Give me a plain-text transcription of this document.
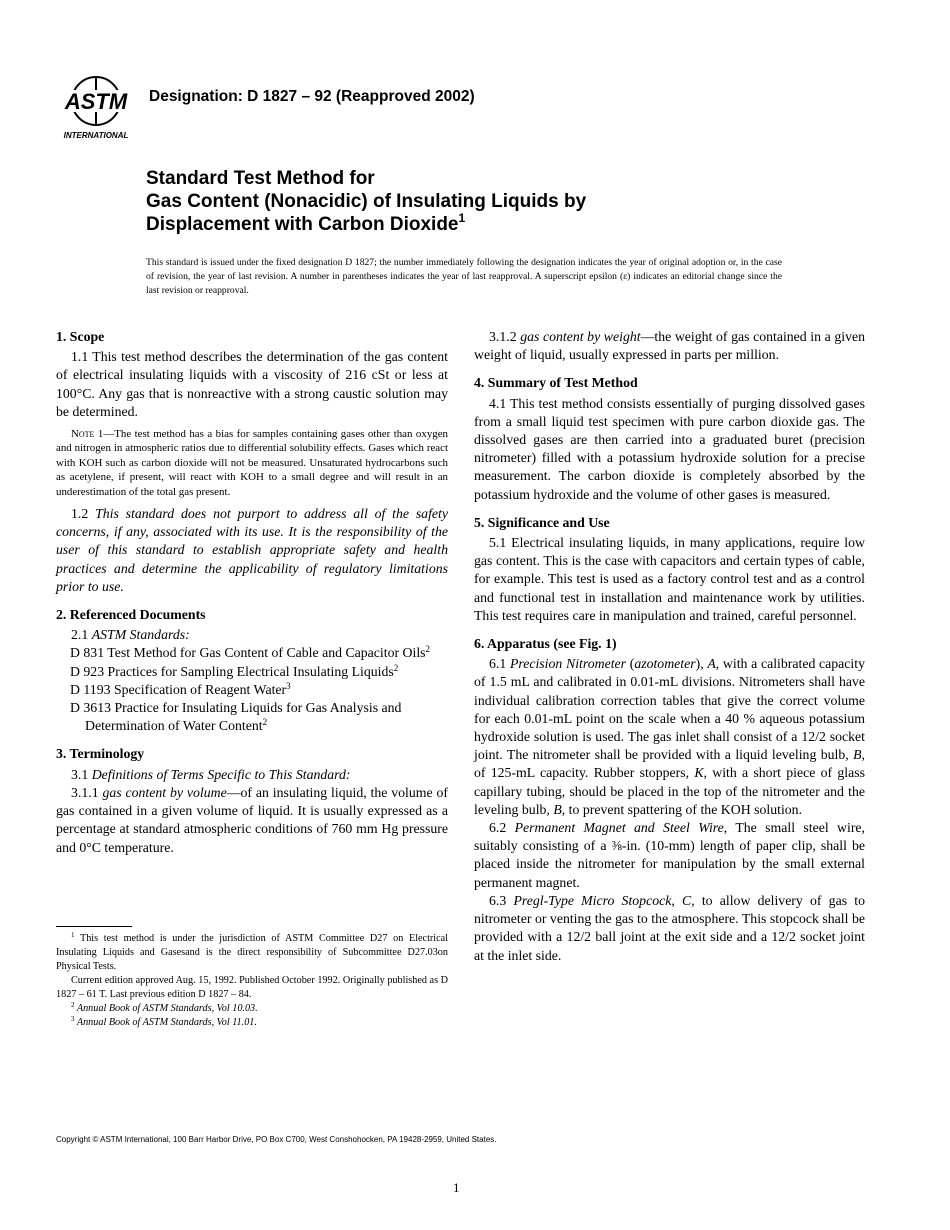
ASTM
INTERNATIONAL
Designation: D 1827 – 92 (Reapproved 2002)
Standard Test Method for
Gas Content (Nonacidic) of Insulating Liquids by
Displacement with Carbon Dioxide$^1$
This standard is issued under the fixed designation D 1827; the number immediately following the designation indicates the year of original adoption or, in the case of revision, the year of last revision. A number in parentheses indicates the year of last reapproval. A superscript epsilon (ε) indicates an editorial change since the last revision or reapproval.
1. Scope

1.1 This test method describes the determination of the gas content of electrical insulating liquids with a viscosity of 216 cSt or less at 100°C. Any gas that is nonreactive with a strong caustic solution may be determined.

Note 1—The test method has a bias for samples containing gases other than oxygen and nitrogen in atmospheric ratios due to differential solubility effects. Gases which react with KOH such as carbon dioxide will not be measured. Unsaturated hydrocarbons such as acetylene, if present, will react with KOH to a small degree and will result in an underestimation of the total gas present.

1.2 This standard does not purport to address all of the safety concerns, if any, associated with its use. It is the responsibility of the user of this standard to establish appropriate safety and health practices and determine the applicability of regulatory limitations prior to use.

2. Referenced Documents

2.1 ASTM Standards:

D 831 Test Method for Gas Content of Cable and Capacitor Oils$^2$

D 923 Practices for Sampling Electrical Insulating Liquids$^2$

D 1193 Specification of Reagent Water$^3$

D 3613 Practice for Insulating Liquids for Gas Analysis and Determination of Water Content$^2$

3. Terminology

3.1 Definitions of Terms Specific to This Standard:

3.1.1 gas content by volume—of an insulating liquid, the volume of gas contained in a given volume of liquid. It is usually expressed as a percentage at standard atmospheric conditions of 760 mm Hg pressure and 0°C temperature.

$^1$ This test method is under the jurisdiction of ASTM Committee D27 on Electrical Insulating Liquids and Gasesand is the direct responsibility of Subcommittee D27.03on Physical Tests.

Current edition approved Aug. 15, 1992. Published October 1992. Originally published as D 1827 – 61 T. Last previous edition D 1827 – 84.

$^2$ Annual Book of ASTM Standards, Vol 10.03.

$^3$ Annual Book of ASTM Standards, Vol 11.01.

3.1.2 gas content by weight—the weight of gas contained in a given weight of liquid, usually expressed in parts per million.

4. Summary of Test Method

4.1 This test method consists essentially of purging dissolved gases from a small liquid test specimen with pure carbon dioxide gas. The dissolved gases are then carried into a graduated buret (precision nitrometer) filled with a potassium hydroxide solution for a precise measurement. The carbon dioxide is completely absorbed by the potassium hydroxide and the volume of other gases is measured.

5. Significance and Use

5.1 Electrical insulating liquids, in many applications, require low gas content. This is the case with capacitors and certain types of cable, for example. This test is used as a factory control test and as a control and functional test in installation and maintenance work by utilities. This test requires care in manipulation and trained, careful personnel.

6. Apparatus (see Fig. 1)

6.1 Precision Nitrometer (azotometer), A, with a calibrated capacity of 1.5 mL and calibrated in 0.01-mL divisions. Nitrometers shall have individual calibration correction tables that give the correct volume for each 0.01-mL point on the scale when a 40 % aqueous potassium hydroxide solution is used. The gas inlet shall consist of a 12/2 socket joint. The nitrometer shall be provided with a liquid leveling bulb, B, of 125-mL capacity. Rubber stoppers, K, with a short piece of glass capillary tubing, should be placed in the top of the nitrometer and the leveling bulb, B, to prevent spattering of the KOH solution.

6.2 Permanent Magnet and Steel Wire, The small steel wire, suitably consisting of a ⅜-in. (10-mm) length of paper clip, shall be placed inside the nitrometer for manipulation by the small external permanent magnet.

6.3 Pregl-Type Micro Stopcock, C, to allow delivery of gas to nitrometer or venting the gas to the atmosphere. This stopcock shall be provided with a 12/2 ball joint at the exit side and a 12/2 socket joint at the inlet side.

Copyright © ASTM International, 100 Barr Harbor Drive, PO Box C700, West Conshohocken, PA 19428-2959, United States.
1
